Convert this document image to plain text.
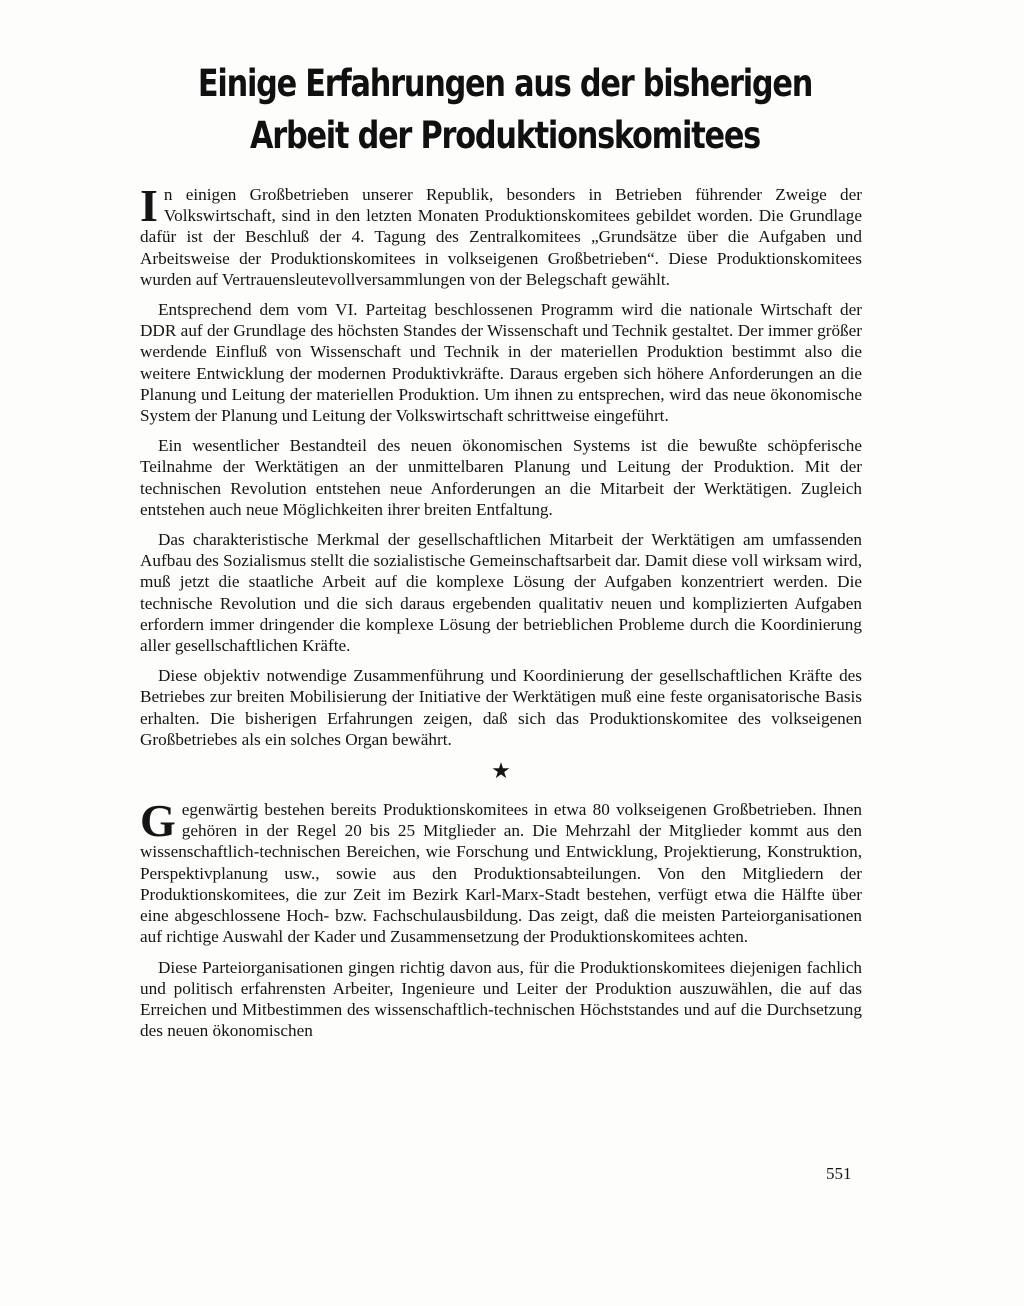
Einige Erfahrungen aus der bisherigen
Arbeit der Produktionskomitees

In einigen Großbetrieben unserer Republik, besonders in Betrieben führender Zweige der Volkswirtschaft, sind in den letzten Monaten Produktionskomitees gebildet worden. Die Grundlage dafür ist der Beschluß der 4. Tagung des Zentralkomitees „Grundsätze über die Aufgaben und Arbeitsweise der Produktionskomitees in volkseigenen Großbetrieben“. Diese Produktionskomitees wurden auf Vertrauensleutevollversammlungen von der Belegschaft gewählt.

Entsprechend dem vom VI. Parteitag beschlossenen Programm wird die nationale Wirtschaft der DDR auf der Grundlage des höchsten Standes der Wissenschaft und Technik gestaltet. Der immer größer werdende Einfluß von Wissenschaft und Technik in der materiellen Produktion bestimmt also die weitere Entwicklung der modernen Produktivkräfte. Daraus ergeben sich höhere Anforderungen an die Planung und Leitung der materiellen Produktion. Um ihnen zu entsprechen, wird das neue ökonomische System der Planung und Leitung der Volkswirtschaft schrittweise eingeführt.

Ein wesentlicher Bestandteil des neuen ökonomischen Systems ist die bewußte schöpferische Teilnahme der Werktätigen an der unmittelbaren Planung und Leitung der Produktion. Mit der technischen Revolution entstehen neue Anforderungen an die Mitarbeit der Werktätigen. Zugleich entstehen auch neue Möglichkeiten ihrer breiten Entfaltung.

Das charakteristische Merkmal der gesellschaftlichen Mitarbeit der Werktätigen am umfassenden Aufbau des Sozialismus stellt die sozialistische Gemeinschaftsarbeit dar. Damit diese voll wirksam wird, muß jetzt die staatliche Arbeit auf die komplexe Lösung der Aufgaben konzentriert werden. Die technische Revolution und die sich daraus ergebenden qualitativ neuen und komplizierten Aufgaben erfordern immer dringender die komplexe Lösung der betrieblichen Probleme durch die Koordinierung aller gesellschaftlichen Kräfte.

Diese objektiv notwendige Zusammenführung und Koordinierung der gesellschaftlichen Kräfte des Betriebes zur breiten Mobilisierung der Initiative der Werktätigen muß eine feste organisatorische Basis erhalten. Die bisherigen Erfahrungen zeigen, daß sich das Produktionskomitee des volkseigenen Großbetriebes als ein solches Organ bewährt.

★

Gegenwärtig bestehen bereits Produktionskomitees in etwa 80 volkseigenen Großbetrieben. Ihnen gehören in der Regel 20 bis 25 Mitglieder an. Die Mehrzahl der Mitglieder kommt aus den wissenschaftlich-technischen Bereichen, wie Forschung und Entwicklung, Projektierung, Konstruktion, Perspektivplanung usw., sowie aus den Produktionsabteilungen. Von den Mitgliedern der Produktionskomitees, die zur Zeit im Bezirk Karl-Marx-Stadt bestehen, verfügt etwa die Hälfte über eine abgeschlossene Hoch- bzw. Fachschulausbildung. Das zeigt, daß die meisten Parteiorganisationen auf richtige Auswahl der Kader und Zusammensetzung der Produktionskomitees achten.

Diese Parteiorganisationen gingen richtig davon aus, für die Produktionskomitees diejenigen fachlich und politisch erfahrensten Arbeiter, Ingenieure und Leiter der Produktion auszuwählen, die auf das Erreichen und Mitbestimmen des wissenschaftlich-technischen Höchststandes und auf die Durchsetzung des neuen ökonomischen

551
